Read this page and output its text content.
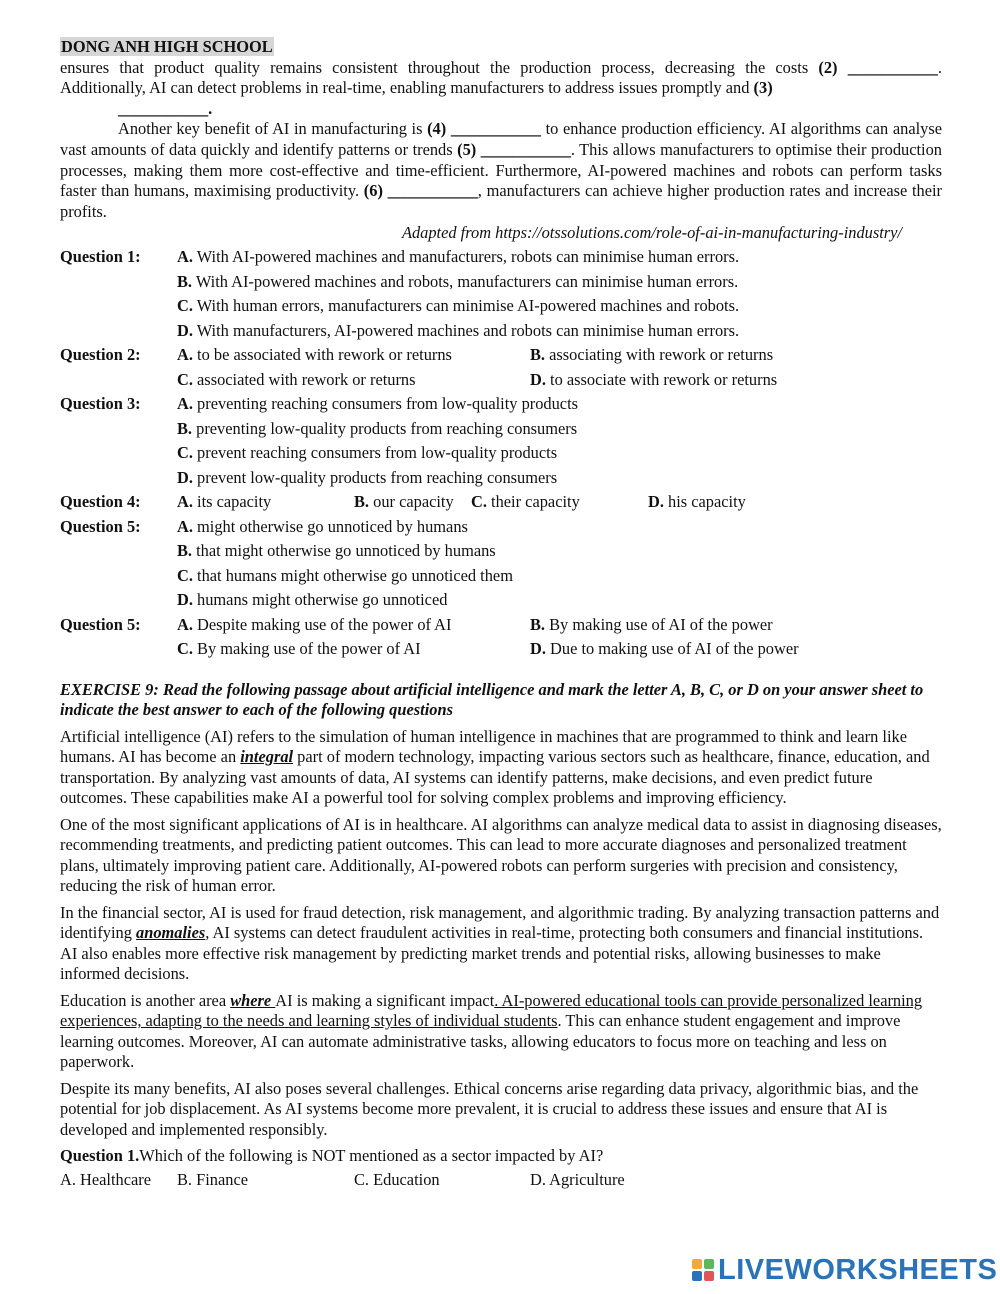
DONG ANH HIGH SCHOOL

ensures that product quality remains consistent throughout the production process, decreasing the costs (2) ___________. Additionally, AI can detect problems in real-time, enabling manufacturers to address issues promptly and (3)

___________.

Another key benefit of AI in manufacturing is (4) ___________ to enhance production efficiency. AI algorithms can analyse vast amounts of data quickly and identify patterns or trends (5) ___________. This allows manufacturers to optimise their production processes, making them more cost-effective and time-efficient. Furthermore, AI-powered machines and robots can perform tasks faster than humans, maximising productivity. (6) ___________, manufacturers can achieve higher production rates and increase their profits.

Adapted from https://otssolutions.com/role-of-ai-in-manufacturing-industry/
Question 1: A. With AI-powered machines and manufacturers, robots can minimise human errors.
B. With AI-powered machines and robots, manufacturers can minimise human errors.
C. With human errors, manufacturers can minimise AI-powered machines and robots.
D. With manufacturers, AI-powered machines and robots can minimise human errors.
Question 2: A. to be associated with rework or returns	B. associating with rework or returns
C. associated with rework or returns	D. to associate with rework or returns
Question 3: A. preventing reaching consumers from low-quality products
B. preventing low-quality products from reaching consumers
C. prevent reaching consumers from low-quality products
D. prevent low-quality products from reaching consumers
Question 4: A. its capacity	B. our capacity C. their capacity	D. his capacity
Question 5: A. might otherwise go unnoticed by humans
B. that might otherwise go unnoticed by humans
C. that humans might otherwise go unnoticed them
D. humans might otherwise go unnoticed
Question 5: A. Despite making use of the power of AI	B. By making use of AI of the power
C. By making use of the power of AI	D. Due to making use of AI of the power

EXERCISE 9: Read the following passage about artificial intelligence and mark the letter A, B, C, or D on your answer sheet to indicate the best answer to each of the following questions

Artificial intelligence (AI) refers to the simulation of human intelligence in machines that are programmed to think and learn like humans. AI has become an integral part of modern technology, impacting various sectors such as healthcare, finance, education, and transportation. By analyzing vast amounts of data, AI systems can identify patterns, make decisions, and even predict future outcomes. These capabilities make AI a powerful tool for solving complex problems and improving efficiency.

One of the most significant applications of AI is in healthcare. AI algorithms can analyze medical data to assist in diagnosing diseases, recommending treatments, and predicting patient outcomes. This can lead to more accurate diagnoses and personalized treatment plans, ultimately improving patient care. Additionally, AI-powered robots can perform surgeries with precision and consistency, reducing the risk of human error.

In the financial sector, AI is used for fraud detection, risk management, and algorithmic trading. By analyzing transaction patterns and identifying anomalies, AI systems can detect fraudulent activities in real-time, protecting both consumers and financial institutions. AI also enables more effective risk management by predicting market trends and potential risks, allowing businesses to make informed decisions.

Education is another area where AI is making a significant impact. AI-powered educational tools can provide personalized learning experiences, adapting to the needs and learning styles of individual students. This can enhance student engagement and improve learning outcomes. Moreover, AI can automate administrative tasks, allowing educators to focus more on teaching and less on paperwork.

Despite its many benefits, AI also poses several challenges. Ethical concerns arise regarding data privacy, algorithmic bias, and the potential for job displacement. As AI systems become more prevalent, it is crucial to address these issues and ensure that AI is developed and implemented responsibly.

Question 1.Which of the following is NOT mentioned as a sector impacted by AI?

A. Healthcare B. Finance	C. Education	D. Agriculture
LIVEWORKSHEETS
